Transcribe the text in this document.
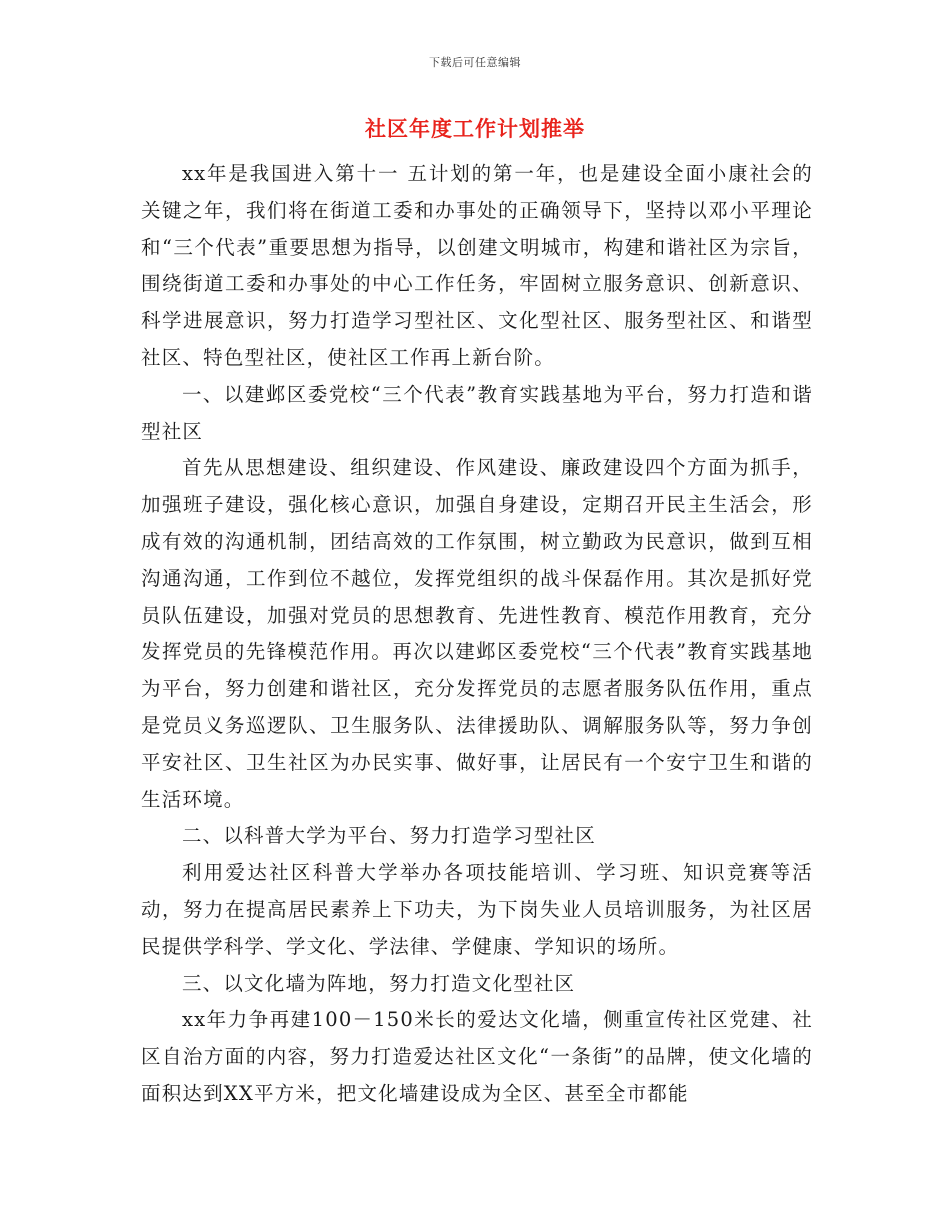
下载后可任意编辑
社区年度工作计划推举

xx年是我国进入第十一 五计划的第一年，也是建设全面小康社会的关键之年，我们将在街道工委和办事处的正确领导下，坚持以邓小平理论和“三个代表”重要思想为指导，以创建文明城市，构建和谐社区为宗旨，围绕街道工委和办事处的中心工作任务，牢固树立服务意识、创新意识、科学进展意识，努力打造学习型社区、文化型社区、服务型社区、和谐型社区、特色型社区，使社区工作再上新台阶。

一、以建邺区委党校“三个代表”教育实践基地为平台，努力打造和谐型社区

首先从思想建设、组织建设、作风建设、廉政建设四个方面为抓手，加强班子建设，强化核心意识，加强自身建设，定期召开民主生活会，形成有效的沟通机制，团结高效的工作氛围，树立勤政为民意识，做到互相沟通沟通，工作到位不越位，发挥党组织的战斗保磊作用。其次是抓好党员队伍建设，加强对党员的思想教育、先进性教育、模范作用教育，充分发挥党员的先锋模范作用。再次以建邺区委党校“三个代表”教育实践基地为平台，努力创建和谐社区，充分发挥党员的志愿者服务队伍作用，重点是党员义务巡逻队、卫生服务队、法律援助队、调解服务队等，努力争创平安社区、卫生社区为办民实事、做好事，让居民有一个安宁卫生和谐的生活环境。

二、以科普大学为平台、努力打造学习型社区

利用爱达社区科普大学举办各项技能培训、学习班、知识竞赛等活动，努力在提高居民素养上下功夫，为下岗失业人员培训服务，为社区居民提供学科学、学文化、学法律、学健康、学知识的场所。

三、以文化墙为阵地，努力打造文化型社区

xx年力争再建100－150米长的爱达文化墙，侧重宣传社区党建、社区自治方面的内容，努力打造爱达社区文化“一条街”的品牌，使文化墙的面积达到XX平方米，把文化墙建设成为全区、甚至全市都能
